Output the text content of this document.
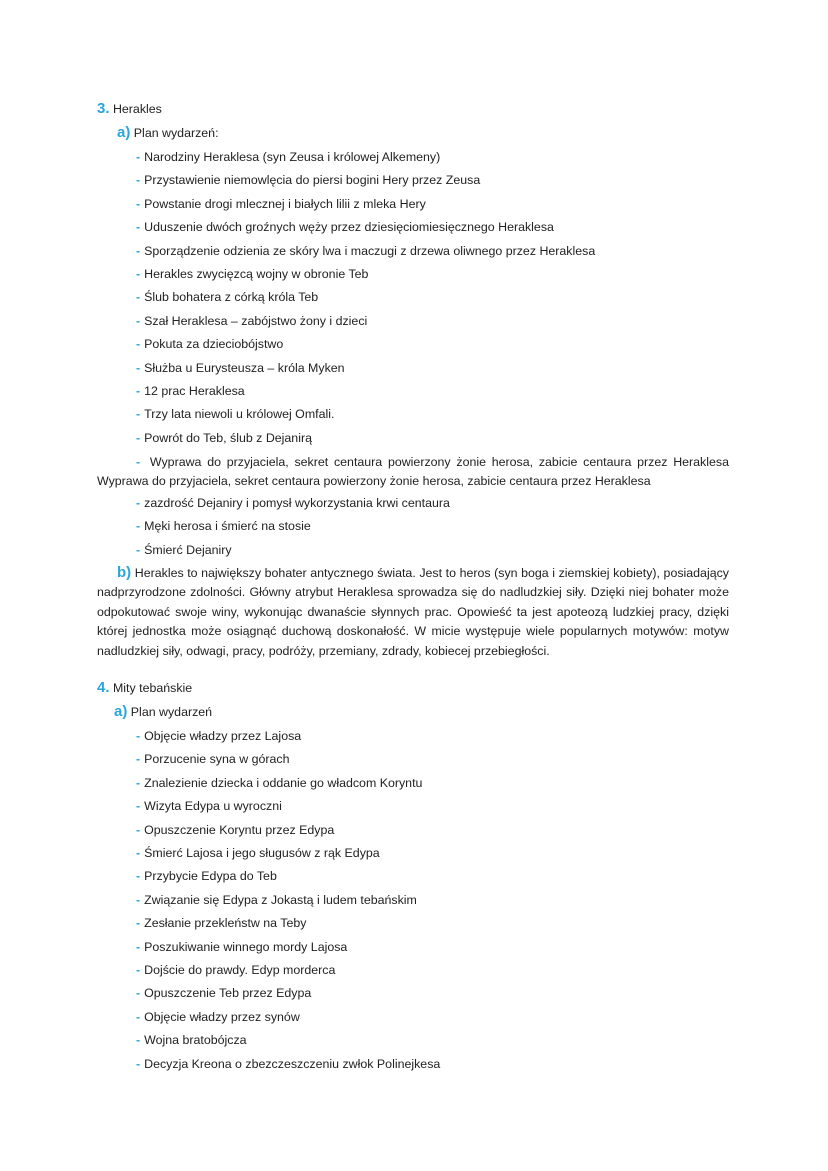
3. Herakles
a) Plan wydarzeń:
- Narodziny Heraklesa (syn Zeusa i królowej Alkemeny)
- Przystawienie niemowlęcia do piersi bogini Hery przez Zeusa
- Powstanie drogi mlecznej i białych lilii z mleka Hery
- Uduszenie dwóch groźnych węży przez dziesięciomiesięcznego Heraklesa
- Sporządzenie odzienia ze skóry lwa i maczugi z drzewa oliwnego przez Heraklesa
- Herakles zwycięzcą wojny w obronie Teb
- Ślub bohatera z córką króla Teb
- Szał Heraklesa – zabójstwo żony i dzieci
- Pokuta za dzieciobójstwo
- Służba u Eurysteusza – króla Myken
- 12 prac Heraklesa
- Trzy lata niewoli u królowej Omfali.
- Powrót do Teb, ślub z Dejanirą
- Wyprawa do przyjaciela, sekret centaura powierzony żonie herosa, zabicie centaura przez Heraklesa
Wyprawa do przyjaciela, sekret centaura powierzony żonie herosa, zabicie centaura przez Heraklesa
- zazdrość Dejaniry i pomysł wykorzystania krwi centaura
- Męki herosa i śmierć na stosie
- Śmierć Dejaniry
b) Herakles to największy bohater antycznego świata. Jest to heros (syn boga i ziemskiej kobiety), posiadający
nadprzyrodzone zdolności. Główny atrybut Heraklesa sprowadza się do nadludzkiej siły. Dzięki niej bohater może
odpokutować swoje winy, wykonując dwanaście słynnych prac. Opowieść ta jest apoteozą ludzkiej pracy, dzięki
której jednostka może osiągnąć duchową doskonałość. W micie występuje wiele popularnych motywów: motyw
nadludzkiej siły, odwagi, pracy, podróży, przemiany, zdrady, kobiecej przebiegłości.
4. Mity tebańskie
a) Plan wydarzeń
- Objęcie władzy przez Lajosa
- Porzucenie syna w górach
- Znalezienie dziecka i oddanie go władcom Koryntu
- Wizyta Edypa u wyroczni
- Opuszczenie Koryntu przez Edypa
- Śmierć Lajosa i jego sługusów z rąk Edypa
- Przybycie Edypa do Teb
- Związanie się Edypa z Jokastą i ludem tebańskim
- Zesłanie przekleństw na Teby
- Poszukiwanie winnego mordy Lajosa
- Dojście do prawdy. Edyp morderca
- Opuszczenie Teb przez Edypa
- Objęcie władzy przez synów
- Wojna bratobójcza
- Decyzja Kreona o zbezczeszczeniu zwłok Polinejkesa
